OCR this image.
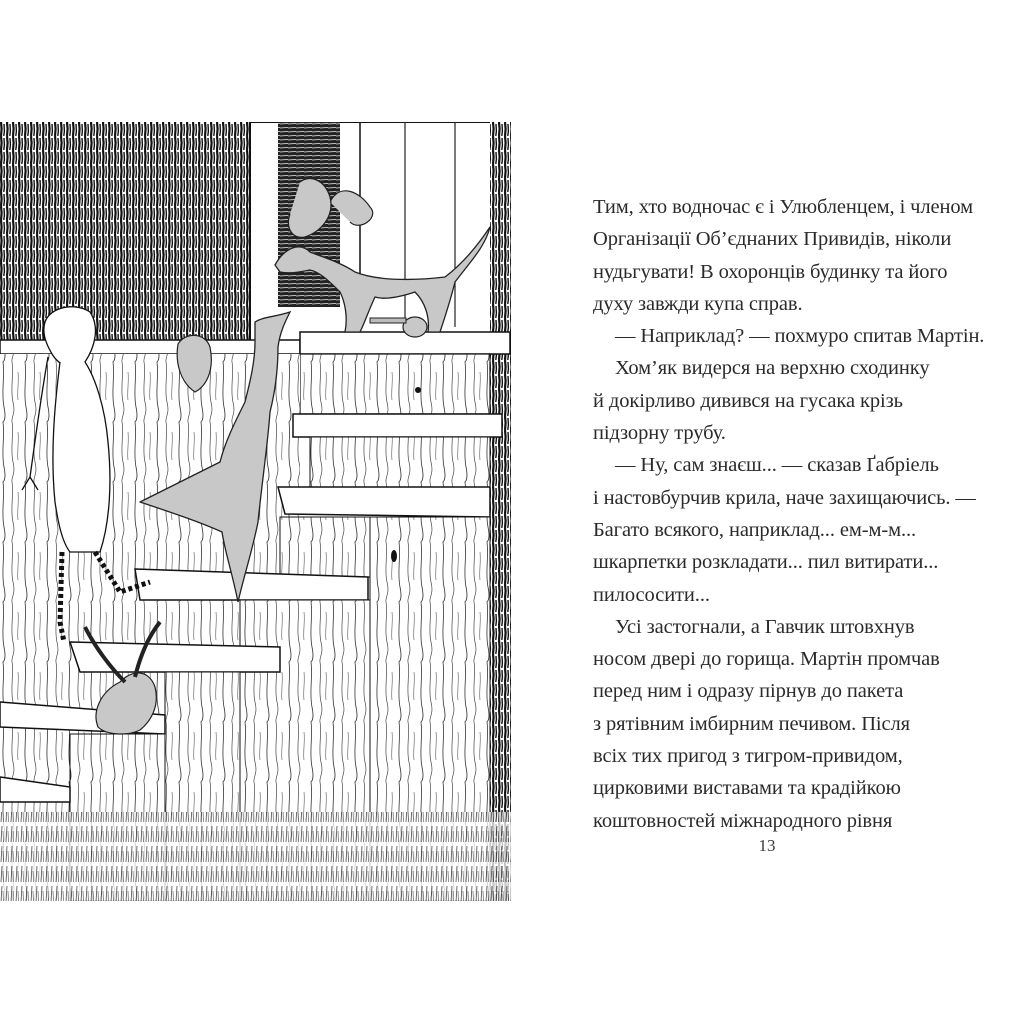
Тим, хто водночас є і Улюбленцем, і членом
Організації Об’єднаних Привидів, ніколи
нудьгувати! В охоронців будинку та його
духу завжди купа справ.
— Наприклад? — похмуро спитав Мартін.
Хом’як видерся на верхню сходинку
й докірливо дивився на гусака крізь
підзорну трубу.
— Ну, сам знаєш... — сказав Ґабріель
і настовбурчив крила, наче захищаючись. —
Багато всякого, наприклад... ем-м-м...
шкарпетки розкладати... пил витирати...
пилососити...
Усі застогнали, а Гавчик штовхнув
носом двері до горища. Мартін промчав
перед ним і одразу пірнув до пакета
з рятівним імбирним печивом. Після
всіх тих пригод з тигром-привидом,
цирковими виставами та крадійкою
коштовностей міжнародного рівня
13
